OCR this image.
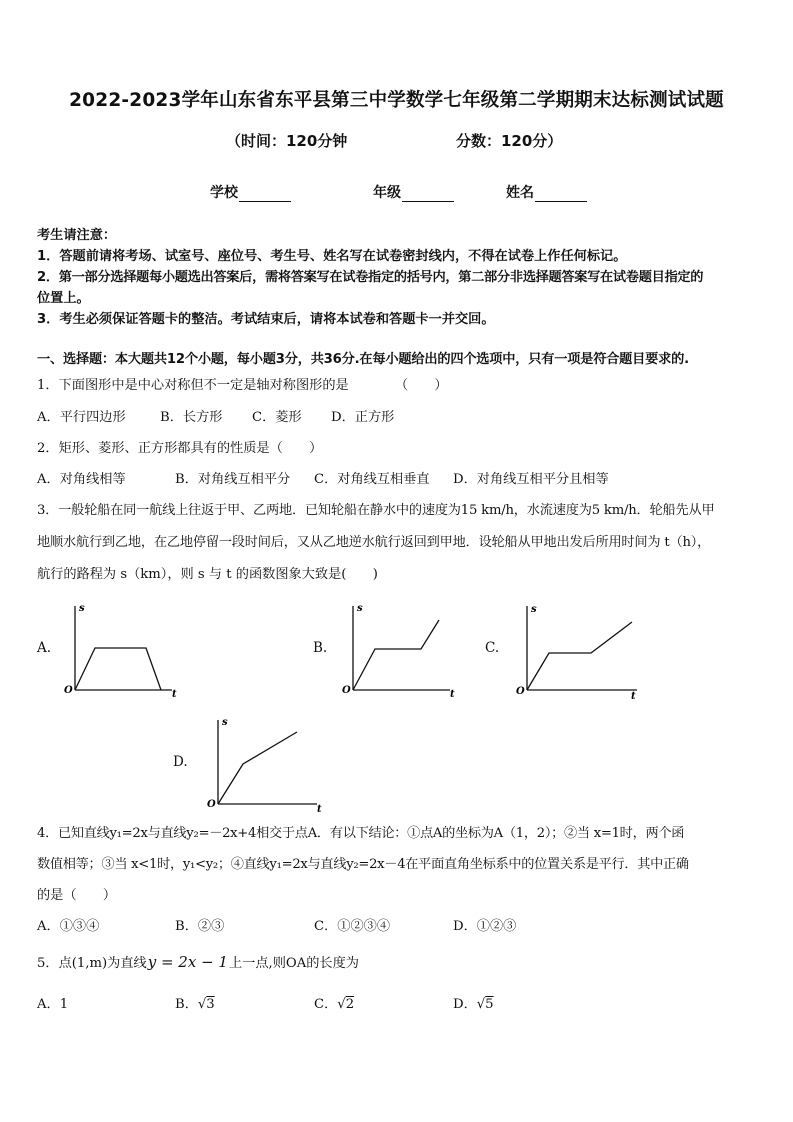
2022-2023学年山东省东平县第三中学数学七年级第二学期期末达标测试试题
（时间：120分钟	分数：120分）
学校	年级	姓名
考生请注意：
1．答题前请将考场、试室号、座位号、考生号、姓名写在试卷密封线内，不得在试卷上作任何标记。
2．第一部分选择题每小题选出答案后，需将答案写在试卷指定的括号内，第二部分非选择题答案写在试卷题目指定的
位置上。
3．考生必须保证答题卡的整洁。考试结束后，请将本试卷和答题卡一并交回。
一、选择题：本大题共12个小题，每小题3分，共36分.在每小题给出的四个选项中，只有一项是符合题目要求的.
1．下面图形中是中心对称但不一定是轴对称图形的是　　　　（　　）
A．平行四边形	B．长方形 C．菱形 D．正方形
2．矩形、菱形、正方形都具有的性质是（　　）
A．对角线相等	B．对角线互相平分 C．对角线互相垂直 D．对角线互相平分且相等
3．一般轮船在同一航线上往返于甲、乙两地．已知轮船在静水中的速度为15 km/h，水流速度为5 km/h．轮船先从甲
地顺水航行到乙地，在乙地停留一段时间后，又从乙地逆水航行返回到甲地．设轮船从甲地出发后所用时间为 t（h），
航行的路程为 s（km），则 s 与 t 的函数图象大致是(　　)
A.	B.	C.
D.
s
t
O
s
t
O
s
t
O
s
t
O
4．已知直线y₁=2x与直线y₂=－2x+4相交于点A．有以下结论：①点A的坐标为A（1，2）；②当 x=1时，两个函
数值相等；③当 x<1时，y₁<y₂；④直线y₁=2x与直线y₂=2x－4在平面直角坐标系中的位置关系是平行．其中正确
的是（　　）
A．①③④	B．②③	C．①②③④	D．①②③
5．点(1,m)为直线y = 2x − 1上一点,则OA的长度为
A．1	B．√3	C．√2	D．√5
